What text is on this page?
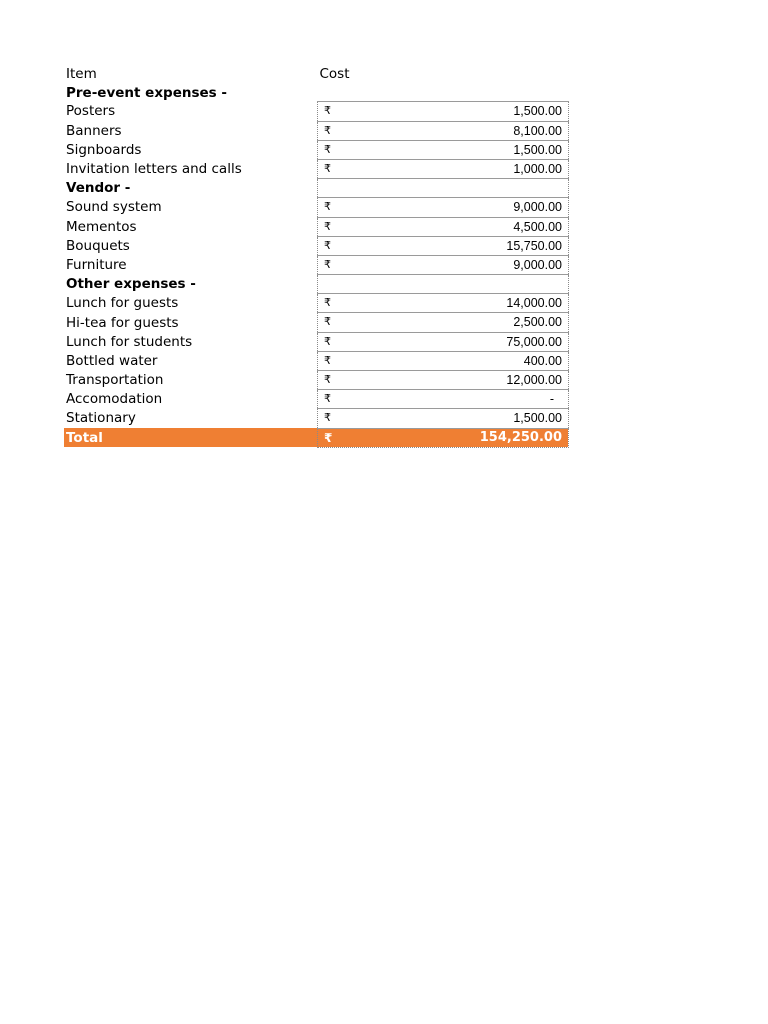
Item	Cost

Pre-event expenses -	
Posters	₹ 1,500.00

Banners	₹ 8,100.00

Signboards	₹ 1,500.00

Invitation letters and calls	₹ 1,000.00

Vendor -	
Sound system	₹ 9,000.00

Mementos	₹ 4,500.00

Bouquets	₹ 15,750.00

Furniture	₹ 9,000.00

Other expenses -	
Lunch for guests	₹ 14,000.00

Hi-tea for guests	₹ 2,500.00

Lunch for students	₹ 75,000.00

Bottled water	₹ 400.00

Transportation	₹ 12,000.00

Accomodation	₹ -

Stationary	₹ 1,500.00

Total	₹ 154,250.00
